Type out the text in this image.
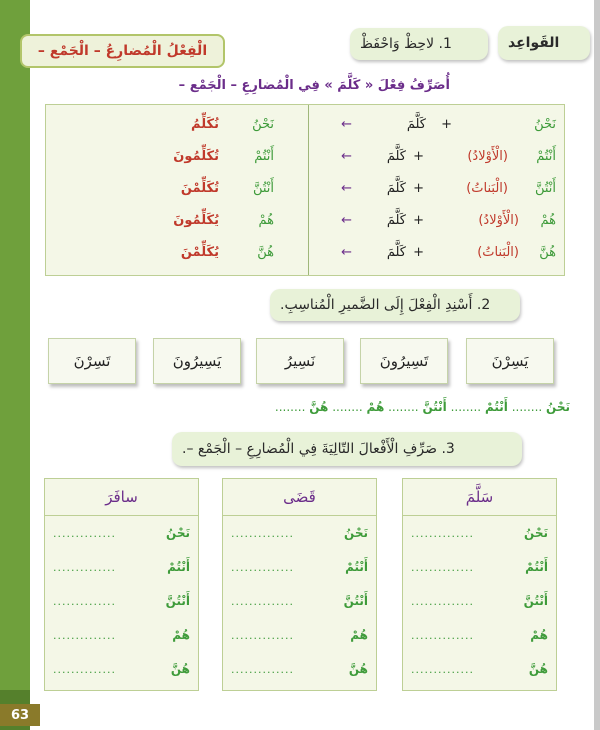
63
القَواعِد
1. لاحِظْ وَاحْفَظْ
الْفِعْلُ الْمُضارِعُ – الْجَمْع –
أُصَرِّفُ فِعْلَ « كَلَّمَ » فِي الْمُضارِعِ – الْجَمْع –
نَحْنُ
+
كَلَّمَ
←
نَحْنُ
نُكَلِّمُ
أَنْتُمْ
(الْأَوْلادُ)
+
كَلَّمَ
←
أَنْتُمْ
تُكَلِّمُونَ
أَنْتُنَّ
(الْبَناتُ)
+
كَلَّمَ
←
أَنْتُنَّ
تُكَلِّمْنَ
هُمْ
(الْأَوْلادُ)
+
كَلَّمَ
←
هُمْ
يُكَلِّمُونَ
هُنَّ
(الْبَناتُ)
+
كَلَّمَ
←
هُنَّ
يُكَلِّمْنَ
2. أَسْنِدِ الْفِعْلَ إِلَى الضَّميرِ الْمُناسِبِ.
يَسِرْنَ
تَسِيرُونَ
نَسِيرُ
يَسِيرُونَ
تَسِرْنَ
نَحْنُ ........ أَنْتُمْ ........ أَنْتُنَّ ........ هُمْ ........ هُنَّ ........
3. صَرِّفِ الْأَفْعالَ التّالِيَةَ فِي الْمُضارِعِ – الْجَمْع –.
سَلَّمَ
نَحْنُ
..............
أَنْتُمْ
..............
أَنْتُنَّ
..............
هُمْ
..............
هُنَّ
..............
قَضَى
نَحْنُ
..............
أَنْتُمْ
..............
أَنْتُنَّ
..............
هُمْ
..............
هُنَّ
..............
سافَرَ
نَحْنُ
..............
أَنْتُمْ
..............
أَنْتُنَّ
..............
هُمْ
..............
هُنَّ
..............
